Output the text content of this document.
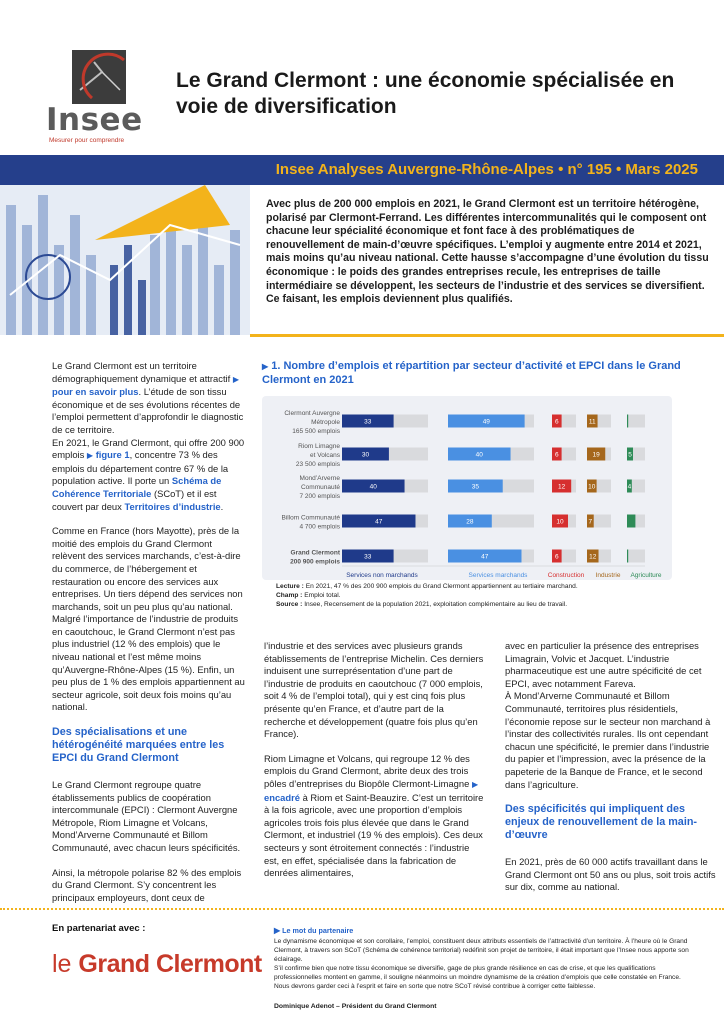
Insee
Mesurer pour comprendre
Le Grand Clermont : une économie spécialisée en voie de diversification
Insee Analyses Auvergne-Rhône-Alpes • n° 195 • Mars 2025

Avec plus de 200 000 emplois en 2021, le Grand Clermont est un territoire hétérogène, polarisé par Clermont-Ferrand. Les différentes intercommunalités qui le composent ont chacune leur spécialité économique et font face à des problématiques de renouvellement de main-d’œuvre spécifiques. L’emploi y augmente entre 2014 et 2021, mais moins qu’au niveau national. Cette hausse s’accompagne d’une évolution du tissu économique : le poids des grandes entreprises recule, les entreprises de taille intermédiaire se développent, les secteurs de l’industrie et des services se diversifient. Ce faisant, les emplois deviennent plus qualifiés.

Le Grand Clermont est un territoire démographiquement dynamique et attractif ▶ pour en savoir plus. L’étude de son tissu économique et de ses évolutions récentes de l’emploi permettent d’approfondir le diagnostic de ce territoire.
En 2021, le Grand Clermont, qui offre 200 900 emplois ▶ figure 1, concentre 73 % des emplois du département contre 67 % de la population active. Il porte un Schéma de Cohérence Territoriale (SCoT) et il est couvert par deux Territoires d’industrie.

Comme en France (hors Mayotte), près de la moitié des emplois du Grand Clermont relèvent des services marchands, c’est-à-dire du commerce, de l’hébergement et restauration ou encore des services aux entreprises. Un tiers dépend des services non marchands, soit un peu plus qu’au national. Malgré l’importance de l’industrie de produits en caoutchouc, le Grand Clermont n’est pas plus industriel (12 % des emplois) que le niveau national et l’est même moins qu’Auvergne-Rhône-Alpes (15 %). Enfin, un peu plus de 1 % des emplois appartiennent au secteur agricole, soit deux fois moins qu’au national.

Des spécialisations et une hétérogénéité marquées entre les EPCI du Grand Clermont

Le Grand Clermont regroupe quatre établissements publics de coopération intercommunale (EPCI) : Clermont Auvergne Métropole, Riom Limagne et Volcans, Mond’Arverne Communauté et Billom Communauté, avec chacun leurs spécificités.

Ainsi, la métropole polarise 82 % des emplois du Grand Clermont. S’y concentrent les principaux employeurs, dont ceux de

▶ 1. Nombre d’emplois et répartition par secteur d’activité et EPCI dans le Grand Clermont en 2021
Clermont Auvergne
Métropole
165 500 emplois
33	49	6	11
Riom Limagne
et Volcans
23 500 emplois
30	40	6	19	5
Mond’Arverne
Communauté
7 200 emplois
40	35	12	10	4
Billom Communauté
4 700 emplois
47	28	10	7
Grand Clermont
200 900 emplois
33	47	6	12
Services non marchands	Services marchands	Construction Industrie Agriculture
Lecture : En 2021, 47 % des 200 900 emplois du Grand Clermont appartiennent au tertiaire marchand.
Champ : Emploi total.
Source : Insee, Recensement de la population 2021, exploitation complémentaire au lieu de travail.

l’industrie et des services avec plusieurs grands établissements de l’entreprise Michelin. Ces derniers induisent une surreprésentation d’une part de l’industrie de produits en caoutchouc (7 000 emplois, soit 4 % de l’emploi total), qui y est cinq fois plus présente qu’en France, et d’autre part de la recherche et développement (quatre fois plus qu’en France).

Riom Limagne et Volcans, qui regroupe 12 % des emplois du Grand Clermont, abrite deux des trois pôles d’entreprises du Biopôle Clermont-Limagne ▶ encadré à Riom et Saint-Beauzire. C’est un territoire à la fois agricole, avec une proportion d’emplois agricoles trois fois plus élevée que dans le Grand Clermont, et industriel (19 % des emplois). Ces deux secteurs y sont étroitement connectés : l’industrie est, en effet, spécialisée dans la fabrication de denrées alimentaires,

avec en particulier la présence des entreprises Limagrain, Volvic et Jacquet. L’industrie pharmaceutique est une autre spécificité de cet EPCI, avec notamment Fareva.

À Mond’Arverne Communauté et Billom Communauté, territoires plus résidentiels, l’économie repose sur le secteur non marchand à l’instar des collectivités rurales. Ils ont cependant chacun une spécificité, le premier dans l’industrie du papier et l’impression, avec la présence de la papeterie de la Banque de France, et le second dans l’agriculture.

Des spécificités qui impliquent des enjeux de renouvellement de la main-d’œuvre

En 2021, près de 60 000 actifs travaillant dans le Grand Clermont ont 50 ans ou plus, soit trois actifs sur dix, comme au national.

En partenariat avec :
le Grand Clermont
▶ Le mot du partenaire

Le dynamisme économique et son corollaire, l’emploi, constituent deux attributs essentiels de l’attractivité d’un territoire. À l’heure où le Grand Clermont, à travers son SCoT (Schéma de cohérence territorial) redéfinit son projet de territoire, il était important que l’Insee nous apporte son éclairage.

S’il confirme bien que notre tissu économique se diversifie, gage de plus grande résilience en cas de crise, et que les qualifications professionnelles montent en gamme, il souligne néanmoins un moindre dynamisme de la création d’emplois que celle constatée en France.

Nous devrons garder ceci à l’esprit et faire en sorte que notre SCoT révisé contribue à corriger cette faiblesse.

Dominique Adenot – Président du Grand Clermont
